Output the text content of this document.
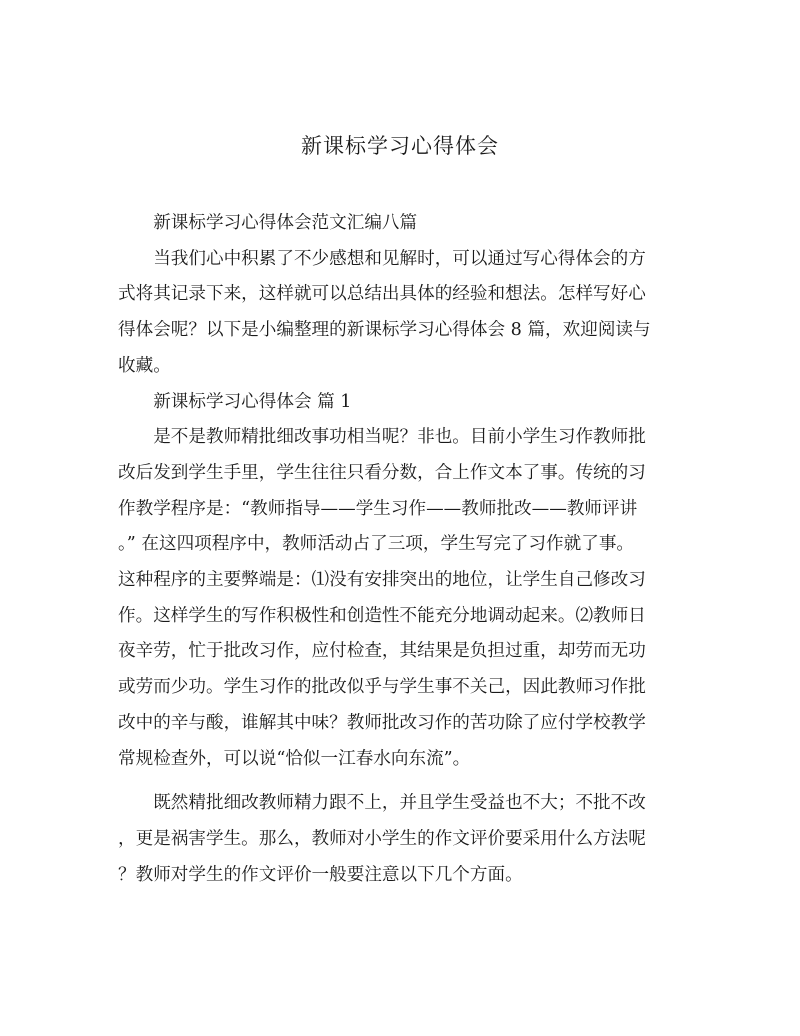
新课标学习心得体会

新课标学习心得体会范文汇编八篇

当我们心中积累了不少感想和见解时，可以通过写心得体会的方

式将其记录下来，这样就可以总结出具体的经验和想法。怎样写好心

得体会呢？以下是小编整理的新课标学习心得体会 8 篇，欢迎阅读与

收藏。

新课标学习心得体会 篇 1

是不是教师精批细改事功相当呢？非也。目前小学生习作教师批

改后发到学生手里，学生往往只看分数，合上作文本了事。传统的习

作教学程序是：“教师指导——学生习作——教师批改——教师评讲

。” 在这四项程序中，教师活动占了三项，学生写完了习作就了事。

这种程序的主要弊端是：⑴没有安排突出的地位，让学生自己修改习

作。这样学生的写作积极性和创造性不能充分地调动起来。⑵教师日

夜辛劳，忙于批改习作，应付检查，其结果是负担过重，却劳而无功

或劳而少功。学生习作的批改似乎与学生事不关己，因此教师习作批

改中的辛与酸，谁解其中味？教师批改习作的苦功除了应付学校教学

常规检查外，可以说“恰似一江春水向东流”。

既然精批细改教师精力跟不上，并且学生受益也不大；不批不改

，更是祸害学生。那么，教师对小学生的作文评价要采用什么方法呢

？教师对学生的作文评价一般要注意以下几个方面。
